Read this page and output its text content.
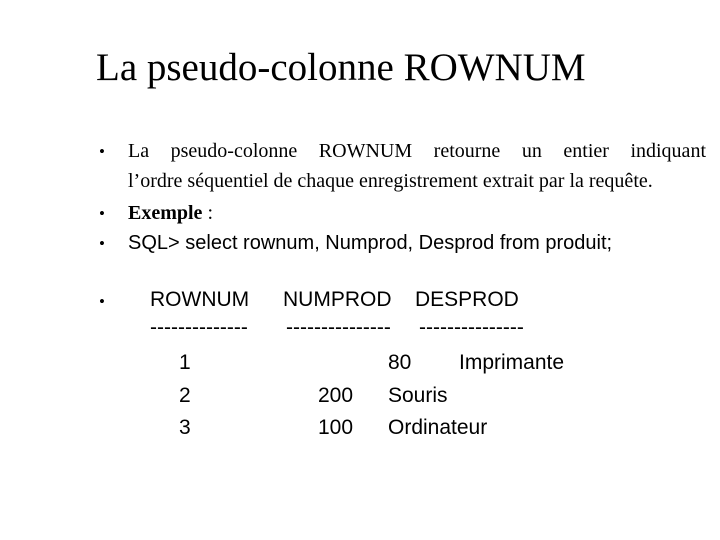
La pseudo-colonne ROWNUM
• La pseudo-colonne ROWNUM retourne un entier indiquant
l’ordre séquentiel de chaque enregistrement extrait par la requête.
• Exemple :
• SQL> select rownum, Numprod, Desprod from produit;
• ROWNUM NUMPROD DESPROD
-------------- --------------- ---------------
1	80 Imprimante
2	200 Souris
3	100 Ordinateur
